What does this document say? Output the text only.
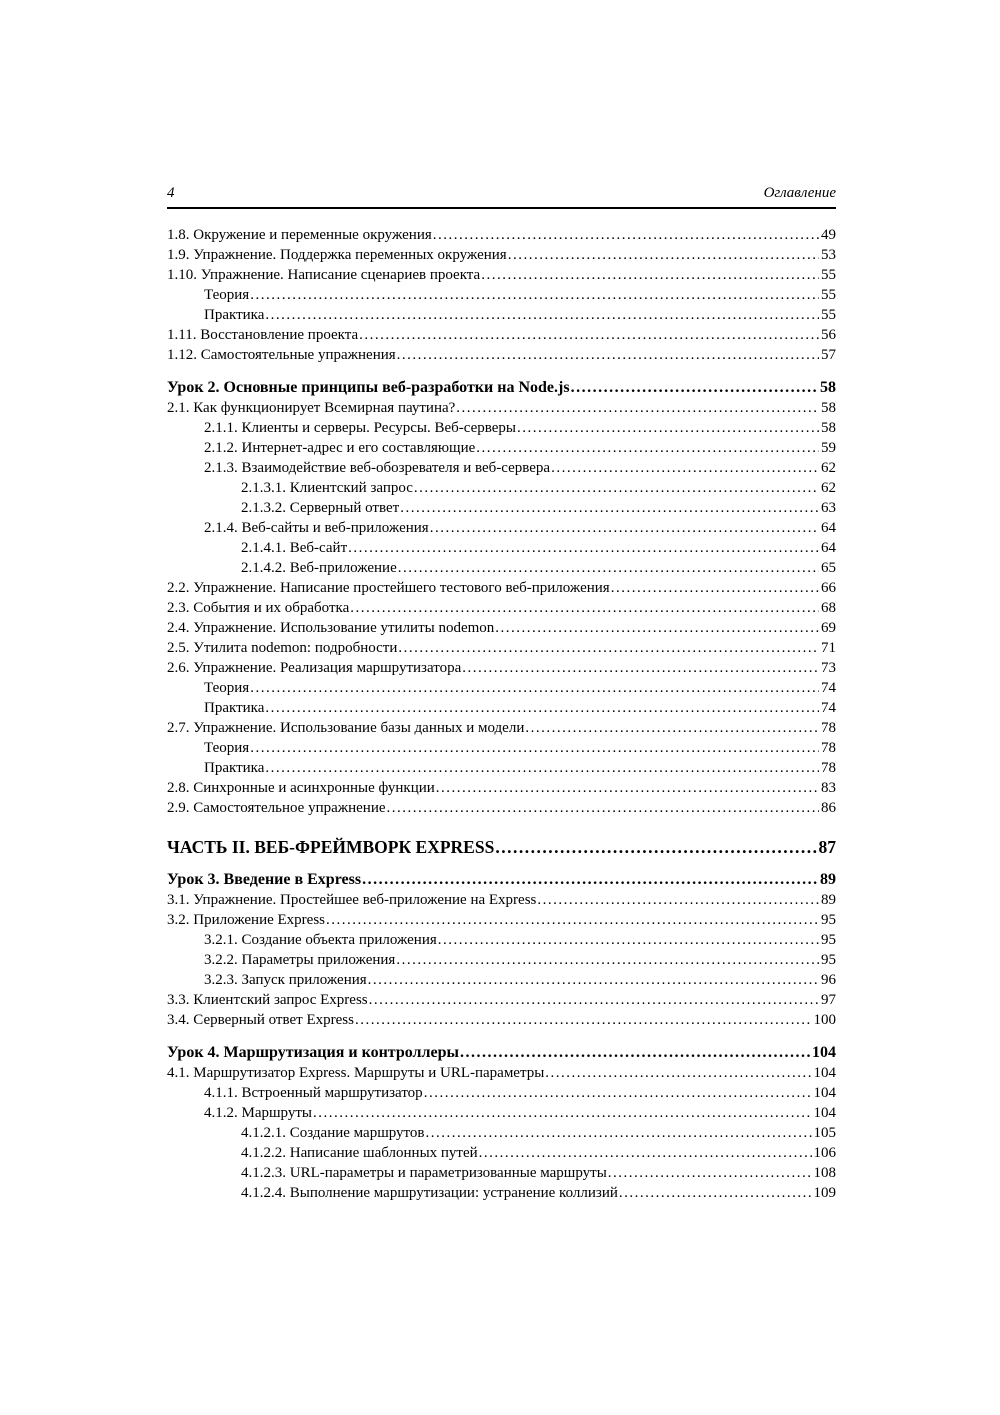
4	Оглавление
1.8. Окружение и переменные окружения .....	49
1.9. Упражнение. Поддержка переменных окружения .....	53
1.10. Упражнение. Написание сценариев проекта .....	55
Теория .....	55
Практика .....	55
1.11. Восстановление проекта .....	56
1.12. Самостоятельные упражнения .....	57
Урок 2. Основные принципы веб-разработки на Node.js .....	58
2.1. Как функционирует Всемирная паутина? .....	58
2.1.1. Клиенты и серверы. Ресурсы. Веб-серверы .....	58
2.1.2. Интернет-адрес и его составляющие .....	59
2.1.3. Взаимодействие веб-обозревателя и веб-сервера .....	62
2.1.3.1. Клиентский запрос .....	62
2.1.3.2. Серверный ответ .....	63
2.1.4. Веб-сайты и веб-приложения .....	64
2.1.4.1. Веб-сайт .....	64
2.1.4.2. Веб-приложение .....	65
2.2. Упражнение. Написание простейшего тестового веб-приложения .....	66
2.3. События и их обработка .....	68
2.4. Упражнение. Использование утилиты nodemon .....	69
2.5. Утилита nodemon: подробности .....	71
2.6. Упражнение. Реализация маршрутизатора .....	73
Теория .....	74
Практика .....	74
2.7. Упражнение. Использование базы данных и модели .....	78
Теория .....	78
Практика .....	78
2.8. Синхронные и асинхронные функции .....	83
2.9. Самостоятельное упражнение .....	86
ЧАСТЬ II. ВЕБ-ФРЕЙМВОРК EXPRESS .....	87
Урок 3. Введение в Express .....	89
3.1. Упражнение. Простейшее веб-приложение на Express .....	89
3.2. Приложение Express .....	95
3.2.1. Создание объекта приложения .....	95
3.2.2. Параметры приложения .....	95
3.2.3. Запуск приложения .....	96
3.3. Клиентский запрос Express .....	97
3.4. Серверный ответ Express .....	100
Урок 4. Маршрутизация и контроллеры .....	104
4.1. Маршрутизатор Express. Маршруты и URL-параметры .....	104
4.1.1. Встроенный маршрутизатор .....	104
4.1.2. Маршруты .....	104
4.1.2.1. Создание маршрутов .....	105
4.1.2.2. Написание шаблонных путей .....	106
4.1.2.3. URL-параметры и параметризованные маршруты .....	108
4.1.2.4. Выполнение маршрутизации: устранение коллизий .....	109
